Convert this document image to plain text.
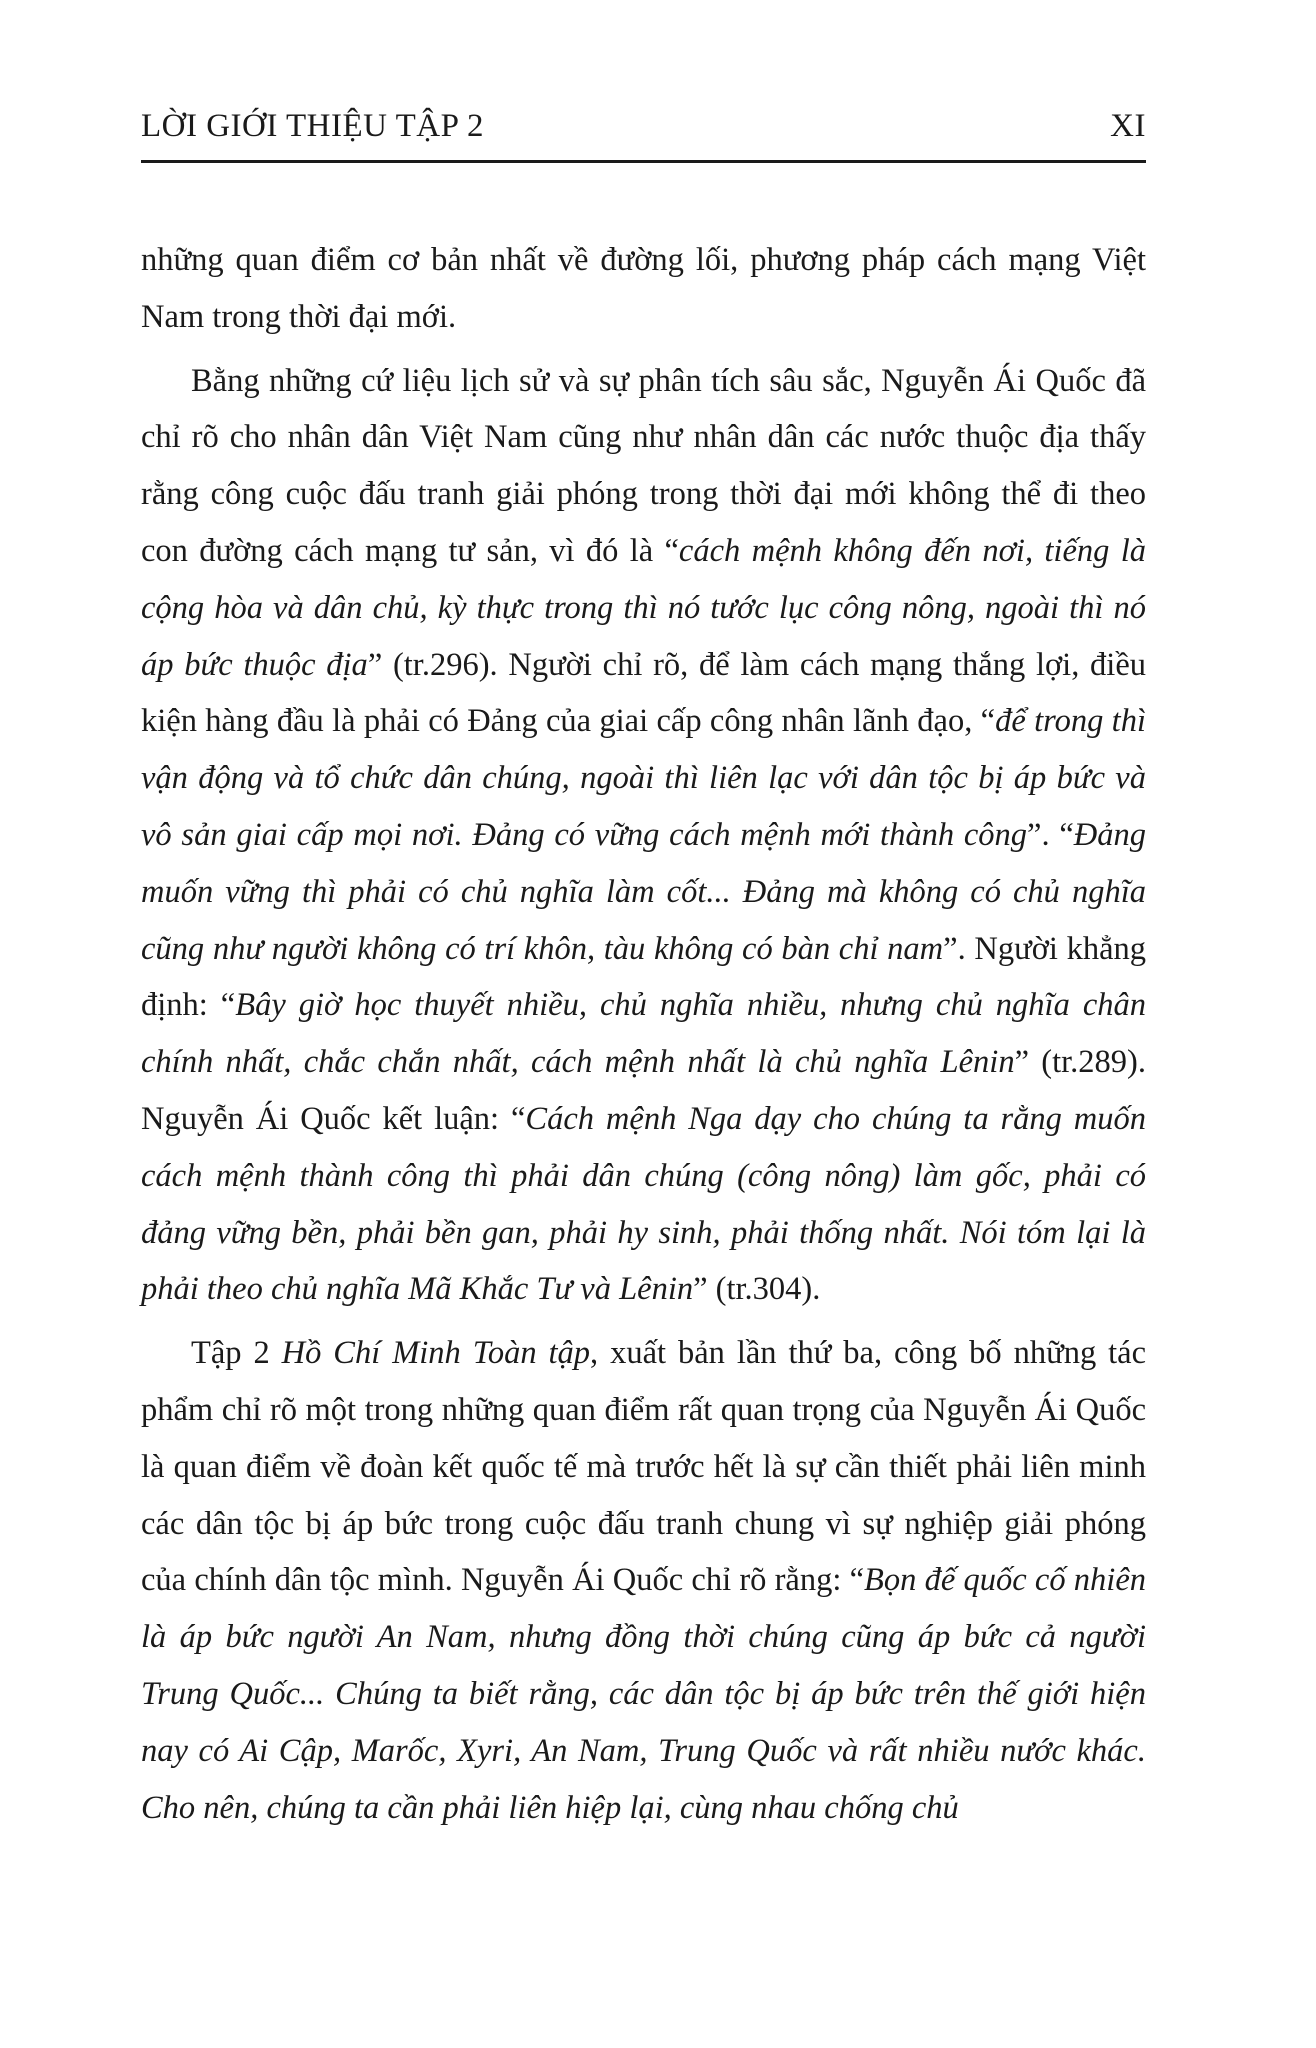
LỜI GIỚI THIỆU TẬP 2	XI

những quan điểm cơ bản nhất về đường lối, phương pháp cách mạng Việt Nam trong thời đại mới.

Bằng những cứ liệu lịch sử và sự phân tích sâu sắc, Nguyễn Ái Quốc đã chỉ rõ cho nhân dân Việt Nam cũng như nhân dân các nước thuộc địa thấy rằng công cuộc đấu tranh giải phóng trong thời đại mới không thể đi theo con đường cách mạng tư sản, vì đó là “cách mệnh không đến nơi, tiếng là cộng hòa và dân chủ, kỳ thực trong thì nó tước lục công nông, ngoài thì nó áp bức thuộc địa” (tr.296). Người chỉ rõ, để làm cách mạng thắng lợi, điều kiện hàng đầu là phải có Đảng của giai cấp công nhân lãnh đạo, “để trong thì vận động và tổ chức dân chúng, ngoài thì liên lạc với dân tộc bị áp bức và vô sản giai cấp mọi nơi. Đảng có vững cách mệnh mới thành công”. “Đảng muốn vững thì phải có chủ nghĩa làm cốt... Đảng mà không có chủ nghĩa cũng như người không có trí khôn, tàu không có bàn chỉ nam”. Người khẳng định: “Bây giờ học thuyết nhiều, chủ nghĩa nhiều, nhưng chủ nghĩa chân chính nhất, chắc chắn nhất, cách mệnh nhất là chủ nghĩa Lênin” (tr.289). Nguyễn Ái Quốc kết luận: “Cách mệnh Nga dạy cho chúng ta rằng muốn cách mệnh thành công thì phải dân chúng (công nông) làm gốc, phải có đảng vững bền, phải bền gan, phải hy sinh, phải thống nhất. Nói tóm lại là phải theo chủ nghĩa Mã Khắc Tư và Lênin” (tr.304).

Tập 2 Hồ Chí Minh Toàn tập, xuất bản lần thứ ba, công bố những tác phẩm chỉ rõ một trong những quan điểm rất quan trọng của Nguyễn Ái Quốc là quan điểm về đoàn kết quốc tế mà trước hết là sự cần thiết phải liên minh các dân tộc bị áp bức trong cuộc đấu tranh chung vì sự nghiệp giải phóng của chính dân tộc mình. Nguyễn Ái Quốc chỉ rõ rằng: “Bọn đế quốc cố nhiên là áp bức người An Nam, nhưng đồng thời chúng cũng áp bức cả người Trung Quốc... Chúng ta biết rằng, các dân tộc bị áp bức trên thế giới hiện nay có Ai Cập, Marốc, Xyri, An Nam, Trung Quốc và rất nhiều nước khác. Cho nên, chúng ta cần phải liên hiệp lại, cùng nhau chống chủ
